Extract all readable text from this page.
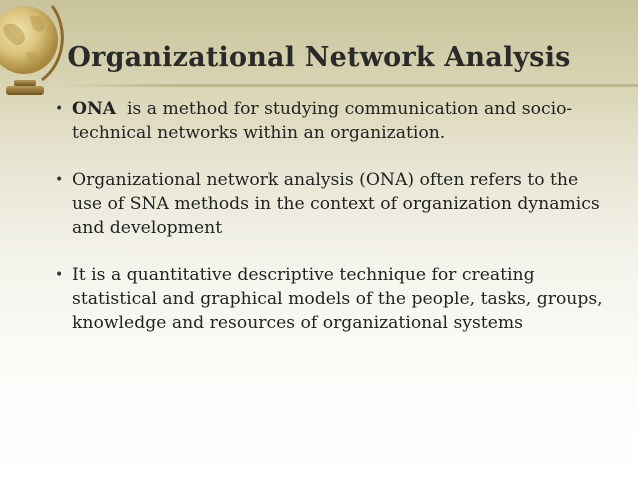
Organizational Network Analysis
• ONA  is a method for studying communication and socio-technical networks within an organization.
• Organizational network analysis (ONA) often refers to the use of SNA methods in the context of organization dynamics and development
• It is a quantitative descriptive technique for creating statistical and graphical models of the people, tasks, groups, knowledge and resources of organizational systems
